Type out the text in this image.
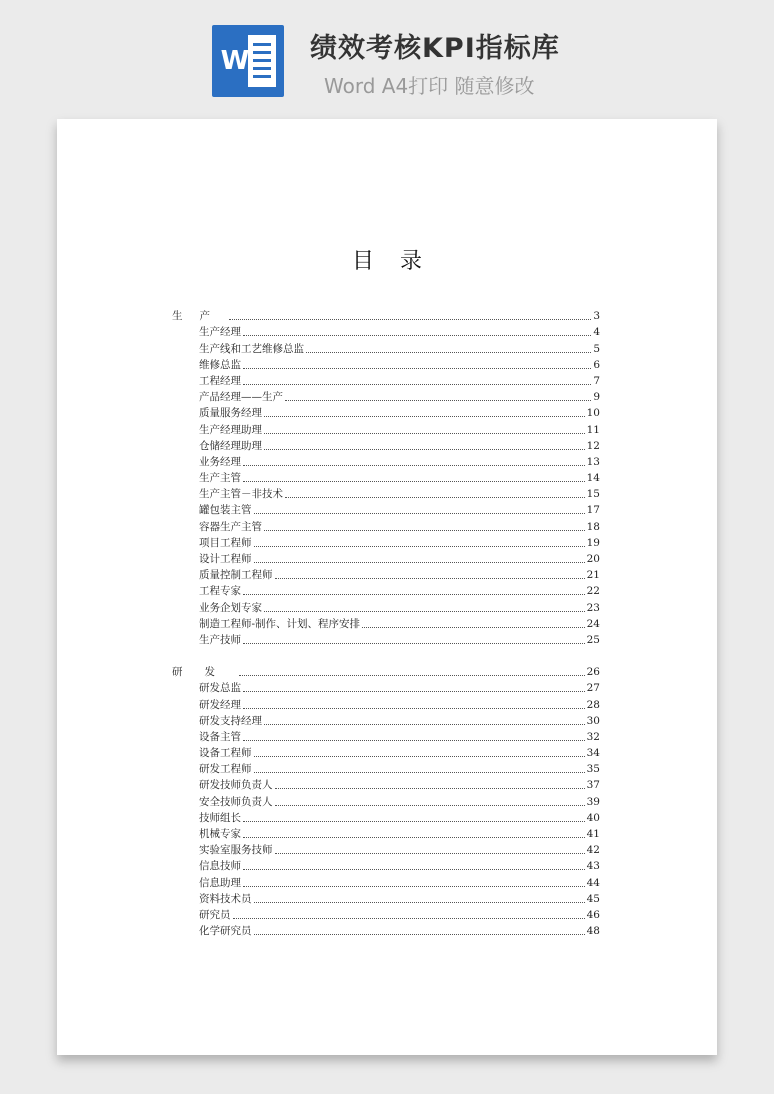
W 绩效考核KPI指标库
Word A4打印 随意修改
目录
生产	3
生产经理	4
生产线和工艺维修总监	5
维修总监	6
工程经理	7
产品经理——生产	9
质量服务经理	10
生产经理助理	11
仓储经理助理	12
业务经理	13
生产主管	14
生产主管－非技术	15
罐包装主管	17
容器生产主管	18
项目工程师	19
设计工程师	20
质量控制工程师	21
工程专家	22
业务企划专家	23
制造工程师-制作、计划、程序安排	24
生产技师	25
研发	26
研发总监	27
研发经理	28
研发支持经理	30
设备主管	32
设备工程师	34
研发工程师	35
研发技师负责人	37
安全技师负责人	39
技师组长	40
机械专家	41
实验室服务技师	42
信息技师	43
信息助理	44
资料技术员	45
研究员	46
化学研究员	48
